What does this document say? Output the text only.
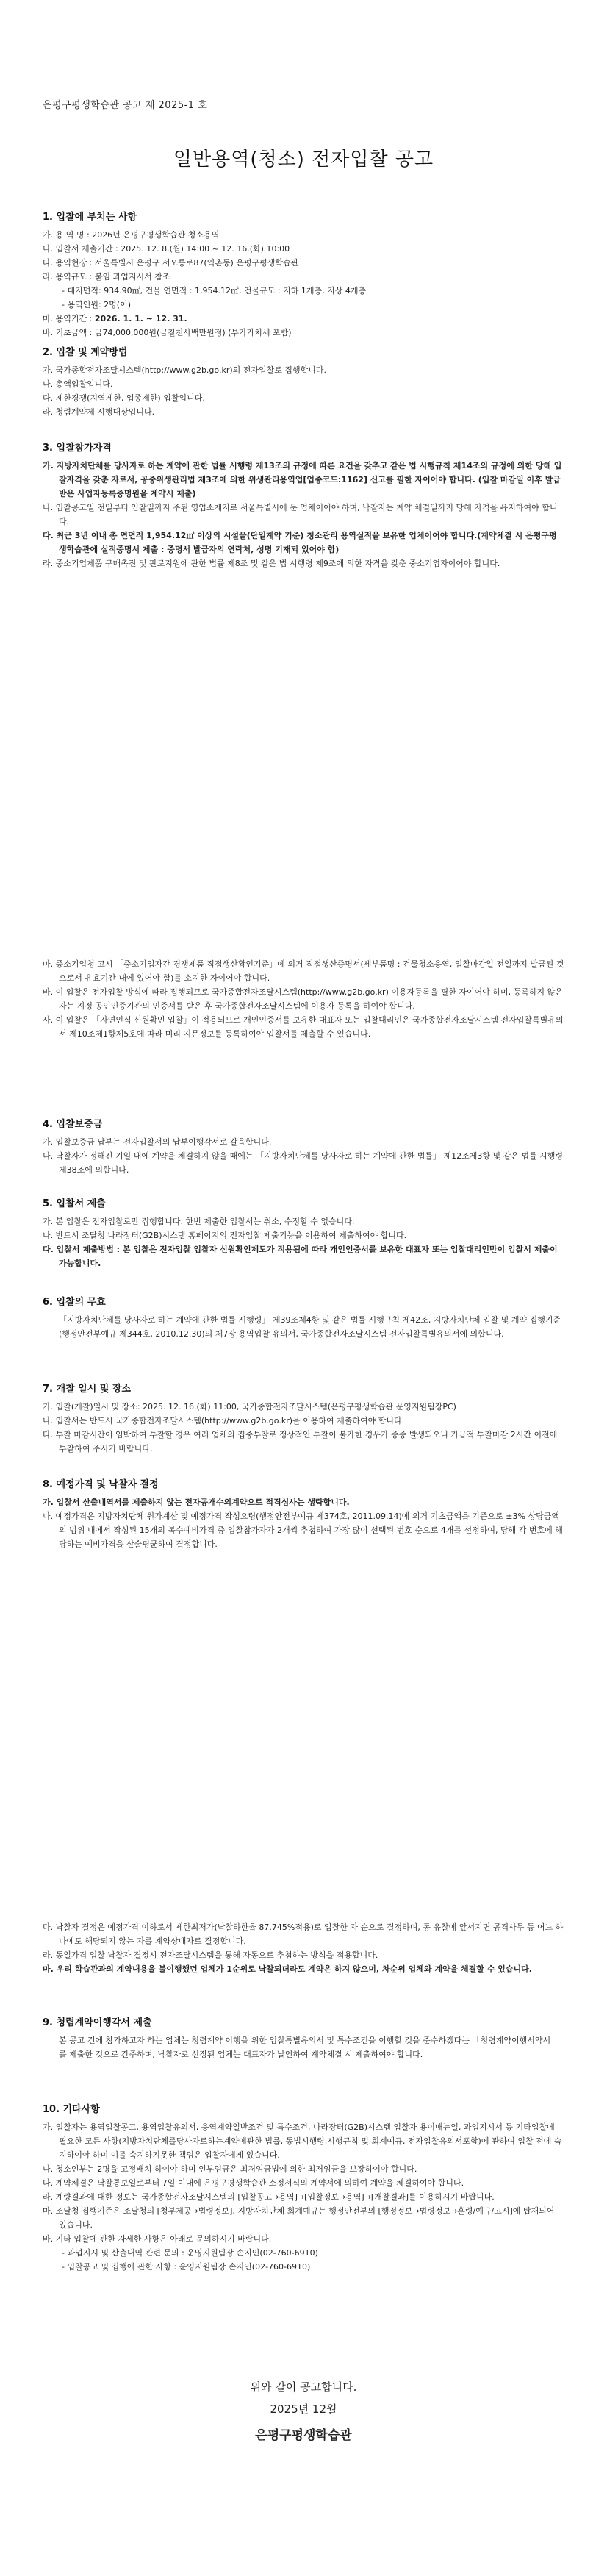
은평구평생학습관 공고 제 2025-1 호
일반용역(청소) 전자입찰 공고
1. 입찰에 부치는 사항

가. 용 역 명 : 2026년 은평구평생학습관 청소용역

나. 입찰서 제출기간 : 2025. 12. 8.(월) 14:00 ~ 12. 16.(화) 10:00

다. 용역현장 : 서울특별시 은평구 서오릉로87(역촌동) 은평구평생학습관

라. 용역규모 : 붙임 과업지시서 참조

- 대지면적: 934.90㎡, 건물 연면적 : 1,954.12㎡, 건물규모 : 지하 1개층, 지상 4개층

- 용역인원: 2명(이)

마. 용역기간 : 2026. 1. 1. ~ 12. 31.

바. 기초금액 : 금74,000,000원(금칠천사백만원정) (부가가치세 포함)

2. 입찰 및 계약방법

가. 국가종합전자조달시스템(http://www.g2b.go.kr)의 전자입찰로 집행합니다.

나. 총액입찰입니다.

다. 제한경쟁(지역제한, 업종제한) 입찰입니다.

라. 청렴계약제 시행대상입니다.

3. 입찰참가자격

가. 지방자치단체를 당사자로 하는 계약에 관한 법률 시행령 제13조의 규정에 따른 요건을 갖추고 같은 법 시행규칙 제14조의 규정에 의한 당해 입찰자격을 갖춘 자로서, 공중위생관리법 제3조에 의한 위생관리용역업[업종코드:1162] 신고를 필한 자이어야 합니다. (입찰 마감일 이후 발급받은 사업자등록증명원을 계약시 제출)

나. 입찰공고일 전일부터 입찰일까지 주된 영업소재지로 서울특별시에 둔 업체이어야 하며, 낙찰자는 계약 체결일까지 당해 자격을 유지하여야 합니다.

다. 최근 3년 이내 총 연면적 1,954.12㎡ 이상의 시설물(단일계약 기준) 청소관리 용역실적을 보유한 업체이어야 합니다.(계약체결 시 은평구평생학습관에 실적증명서 제출 : 증명서 발급자의 연락처, 성명 기재되 있어야 함)

라. 중소기업제품 구매촉진 및 판로지원에 관한 법률 제8조 및 같은 법 시행령 제9조에 의한 자격을 갖춘 중소기업자이어야 합니다.

마. 중소기업청 고시 「중소기업자간 경쟁제품 직접생산확인기준」에 의거 직접생산증명서(세부품명 : 건물청소용역, 입찰마감일 전일까지 발급된 것으로서 유효기간 내에 있어야 함)를 소지한 자이어야 합니다.

바. 이 입찰은 전자입찰 방식에 따라 집행되므로 국가종합전자조달시스템(http://www.g2b.go.kr) 이용자등록을 필한 자이어야 하며, 등록하지 않은 자는 지정 공인인증기관의 인증서를 받은 후 국가종합전자조달시스템에 이용자 등록을 하여야 합니다.

사. 이 입찰은 「자연인식 신원확인 입찰」이 적용되므로 개인인증서를 보유한 대표자 또는 입찰대리인은 국가종합전자조달시스템 전자입찰특별유의서 제10조제1항제5호에 따라 미리 지문정보를 등록하여야 입찰서를 제출할 수 있습니다.

4. 입찰보증금

가. 입찰보증금 납부는 전자입찰서의 납부이행각서로 갈음합니다.

나. 낙찰자가 정해진 기일 내에 계약을 체결하지 않을 때에는 「지방자치단체를 당사자로 하는 계약에 관한 법률」 제12조제3항 및 같은 법률 시행령 제38조에 의합니다.

5. 입찰서 제출

가. 본 입찰은 전자입찰로만 집행합니다. 한번 제출한 입찰서는 취소, 수정할 수 없습니다.

나. 반드시 조달청 나라장터(G2B)시스템 홈페이지의 전자입찰 제출기능을 이용하여 제출하여야 합니다.

다. 입찰서 제출방법 : 본 입찰은 전자입찰 입찰자 신원확인제도가 적용됨에 따라 개인인증서를 보유한 대표자 또는 입찰대리인만이 입찰서 제출이 가능합니다.

6. 입찰의 무효

「지방자치단체를 당사자로 하는 계약에 관한 법률 시행령」 제39조제4항 및 같은 법률 시행규칙 제42조, 지방자치단체 입찰 및 계약 집행기준(행정안전부예규 제344호, 2010.12.30)의 제7장 용역입찰 유의서, 국가종합전자조달시스템 전자입찰특별유의서에 의합니다.

7. 개찰 일시 및 장소

가. 입찰(개찰)일시 및 장소: 2025. 12. 16.(화) 11:00, 국가종합전자조달시스템(은평구평생학습관 운영지원팀장PC)

나. 입찰서는 반드시 국가종합전자조달시스템(http://www.g2b.go.kr)을 이용하여 제출하여야 합니다.

다. 투찰 마감시간이 임박하여 투찰할 경우 여러 업체의 집중투찰로 정상적인 투찰이 불가한 경우가 종종 발생되오니 가급적 투찰마감 2시간 이전에 투찰하여 주시기 바랍니다.

8. 예정가격 및 낙찰자 결정

가. 입찰서 산출내역서를 제출하지 않는 전자공개수의계약으로 적격심사는 생략합니다.

나. 예정가격은 지방자치단체 원가계산 및 예정가격 작성요령(행정안전부예규 제374호, 2011.09.14)에 의거 기초금액을 기준으로 ±3% 상당금액의 범위 내에서 작성된 15개의 복수예비가격 중 입찰참가자가 2개씩 추첨하여 가장 많이 선택된 번호 순으로 4개를 선정하여, 당해 각 번호에 해당하는 예비가격을 산술평균하여 결정합니다.

다. 낙찰자 결정은 예정가격 이하로서 제한최저가(낙찰하한율 87.745%적용)로 입찰한 자 순으로 결정하며, 동 유찰에 앞서지면 공격사무 등 어느 하나에도 해당되지 않는 자를 계약상대자로 결정합니다.

라. 동일가격 입찰 낙찰자 결정시 전자조달시스템을 통해 자동으로 추첨하는 방식을 적용합니다.

마. 우리 학습관과의 계약내용을 불이행했던 업체가 1순위로 낙찰되더라도 계약은 하지 않으며, 차순위 업체와 계약을 체결할 수 있습니다.

9. 청렴계약이행각서 제출

본 공고 건에 참가하고자 하는 업체는 청렴계약 이행을 위한 입찰특별유의서 및 특수조건을 이행할 것을 준수하겠다는 「청렴계약이행서약서」를 제출한 것으로 간주하며, 낙찰자로 선정된 업체는 대표자가 날인하여 계약체결 시 제출하여야 합니다.

10. 기타사항

가. 입찰자는 용역입찰공고, 용역입찰유의서, 용역계약일반조건 및 특수조건, 나라장터(G2B)시스템 입찰자 용이매뉴얼, 과업지시서 등 기타입찰에 필요한 모든 사항(지방자치단체를당사자로하는계약에관한 법률, 동법시행령,시행규칙 및 회계예규, 전자입찰유의서포함)에 관하여 입찰 전에 숙지하여야 하며 이를 숙지하지못한 책임은 입찰자에게 있습니다.

나. 청소인부는 2명을 고정배치 하여야 하며 인부임금은 최저임금법에 의한 최저임금을 보장하여야 합니다.

다. 계약체결은 낙찰통보일로부터 7일 이내에 은평구평생학습관 소정서식의 계약서에 의하여 계약을 체결하여야 합니다.

라. 계량결과에 대한 정보는 국가종합전자조달시스템의 [입찰공고→용역]→[입찰정보→용역]→[개찰결과]를 이용하시기 바랍니다.

마. 조달청 집행기준은 조달청의 [청부제공→법령정보], 지방자치단체 회계예규는 행정안전부의 [행정정보→법령정보→훈령/예규/고시]에 탑재되어 있습니다.

바. 기타 입찰에 관한 자세한 사항은 아래로 문의하시기 바랍니다.

- 과업지시 및 산출내역 관련 문의 : 운영지원팀장 손지인(02-760-6910)

- 입찰공고 및 집행에 관한 사항 : 운영지원팀장 손지인(02-760-6910)

위와 같이 공고합니다.
2025년 12월
은평구평생학습관
